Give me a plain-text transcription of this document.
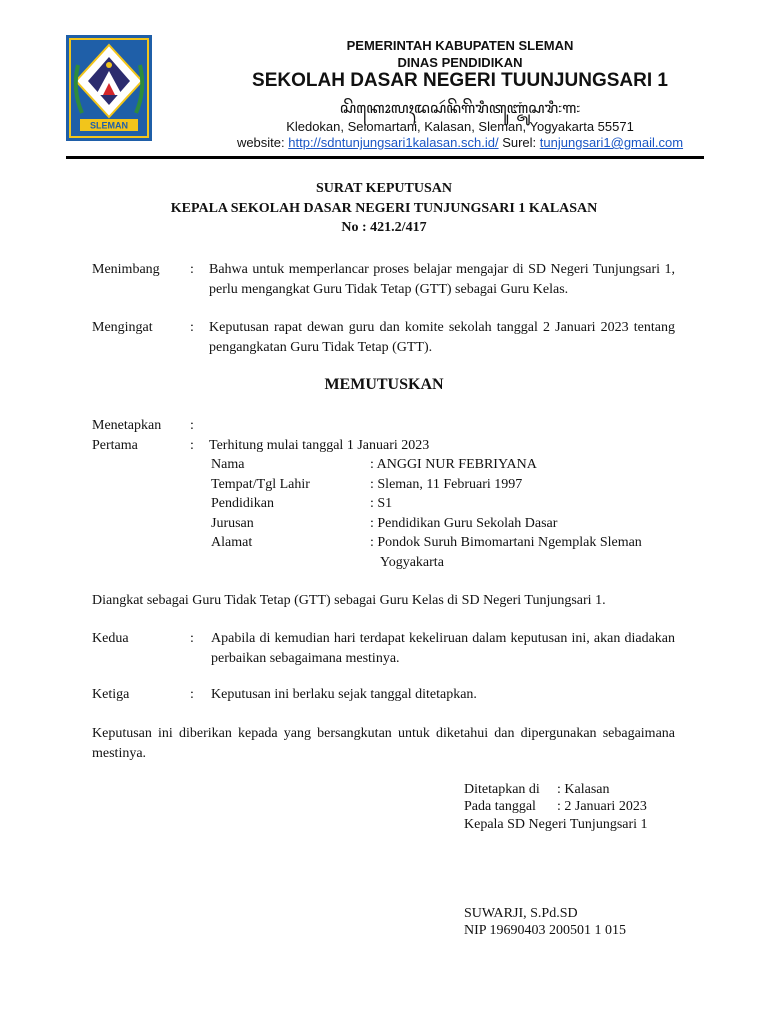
SLEMAN
PEMERINTAH KABUPATEN SLEMAN
DINAS PENDIDIKAN
SEKOLAH DASAR NEGERI TUUNJUNGSARI 1
ꦱꦼꦏꦺꦴꦭꦃꦢꦱꦂꦤꦼꦒꦼꦫꦶꦠꦸꦚ꧀ꦗꦸꦁꦱꦫꦶ꧇꧑꧇
Kledokan, Selomartani, Kalasan, Sleman, Yogyakarta 55571
website: http://sdntunjungsari1kalasan.sch.id/ Surel: tunjungsari1@gmail.com
SURAT KEPUTUSAN
KEPALA SEKOLAH DASAR NEGERI TUNJUNGSARI 1 KALASAN
No : 421.2/417
Menimbang : Bahwa untuk memperlancar proses belajar mengajar di SD Negeri Tunjungsari 1, perlu mengangkat Guru Tidak Tetap (GTT) sebagai Guru Kelas.
Mengingat	: Keputusan rapat dewan guru dan komite sekolah tanggal 2 Januari 2023 tentang pengangkatan Guru Tidak Tetap (GTT).
MEMUTUSKAN
Menetapkan :
Pertama	: Terhitung mulai tanggal 1 Januari 2023
Nama	: ANGGI NUR FEBRIYANA
Tempat/Tgl Lahir	: Sleman, 11 Februari 1997
Pendidikan	: S1
Jurusan	: Pendidikan Guru Sekolah Dasar
Alamat	: Pondok Suruh Bimomartani Ngemplak Sleman
Yogyakarta
Diangkat sebagai Guru Tidak Tetap (GTT) sebagai Guru Kelas di SD Negeri Tunjungsari 1.
Kedua	: Apabila di kemudian hari terdapat kekeliruan dalam keputusan ini, akan diadakan perbaikan sebagaimana mestinya.
Ketiga	: Keputusan ini berlaku sejak tanggal ditetapkan.
Keputusan ini diberikan kepada yang bersangkutan untuk diketahui dan dipergunakan sebagaimana mestinya.
Ditetapkan di : Kalasan
Pada tanggal : 2 Januari 2023
Kepala SD Negeri Tunjungsari 1
SUWARJI, S.Pd.SD
NIP 19690403 200501 1 015
